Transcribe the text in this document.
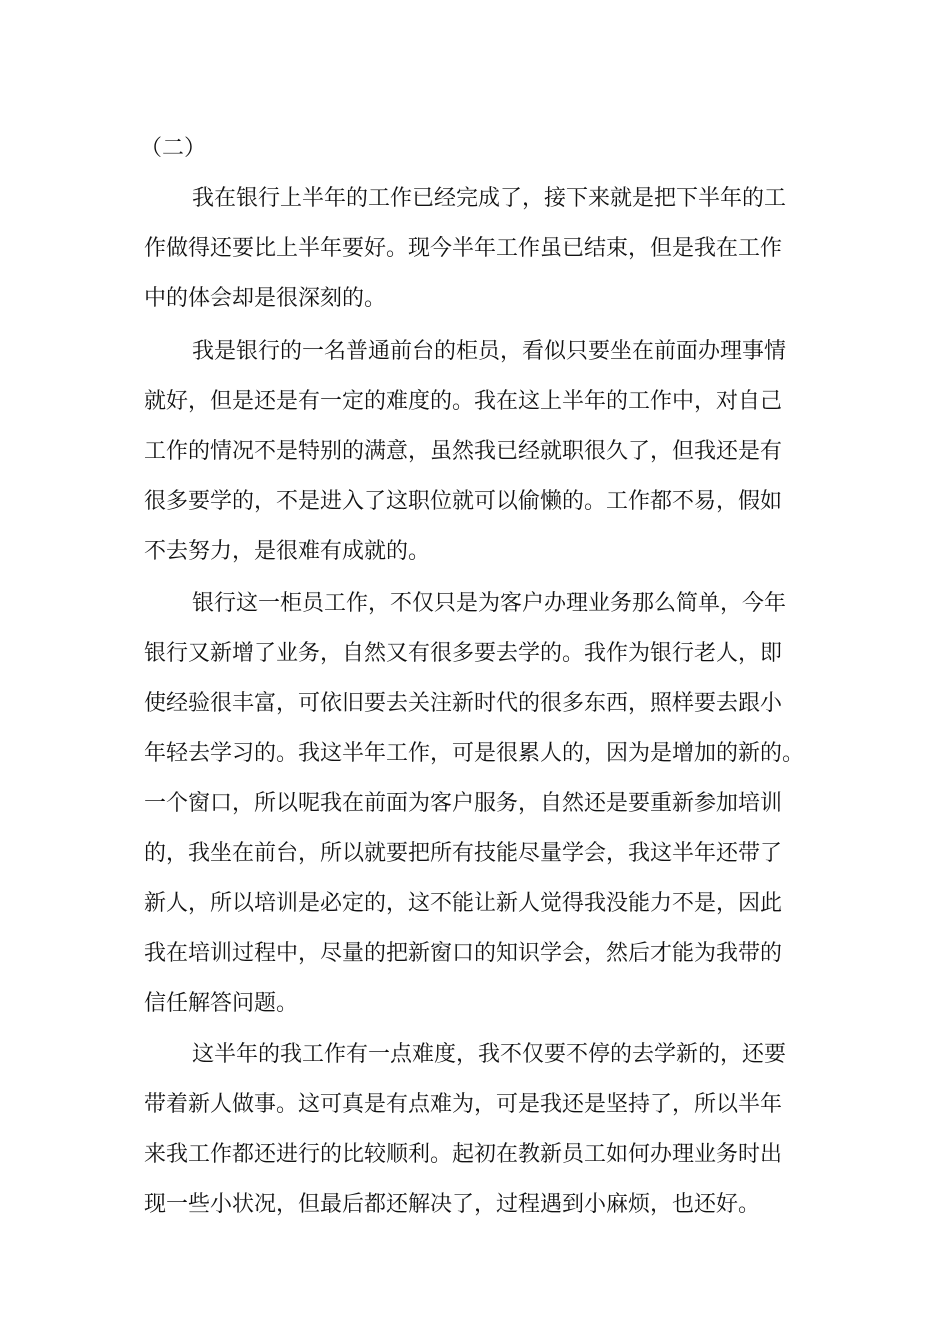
（二）

我在银行上半年的工作已经完成了，接下来就是把下半年的工

作做得还要比上半年要好。现今半年工作虽已结束，但是我在工作

中的体会却是很深刻的。

我是银行的一名普通前台的柜员，看似只要坐在前面办理事情

就好，但是还是有一定的难度的。我在这上半年的工作中，对自己

工作的情况不是特别的满意，虽然我已经就职很久了，但我还是有

很多要学的，不是进入了这职位就可以偷懒的。工作都不易，假如

不去努力，是很难有成就的。

银行这一柜员工作，不仅只是为客户办理业务那么简单，今年

银行又新增了业务，自然又有很多要去学的。我作为银行老人，即

使经验很丰富，可依旧要去关注新时代的很多东西，照样要去跟小

年轻去学习的。我这半年工作，可是很累人的，因为是增加的新的。

一个窗口，所以呢我在前面为客户服务，自然还是要重新参加培训

的，我坐在前台，所以就要把所有技能尽量学会，我这半年还带了

新人，所以培训是必定的，这不能让新人觉得我没能力不是，因此

我在培训过程中，尽量的把新窗口的知识学会，然后才能为我带的

信任解答问题。

这半年的我工作有一点难度，我不仅要不停的去学新的，还要

带着新人做事。这可真是有点难为，可是我还是坚持了，所以半年

来我工作都还进行的比较顺利。起初在教新员工如何办理业务时出

现一些小状况，但最后都还解决了，过程遇到小麻烦，也还好。
